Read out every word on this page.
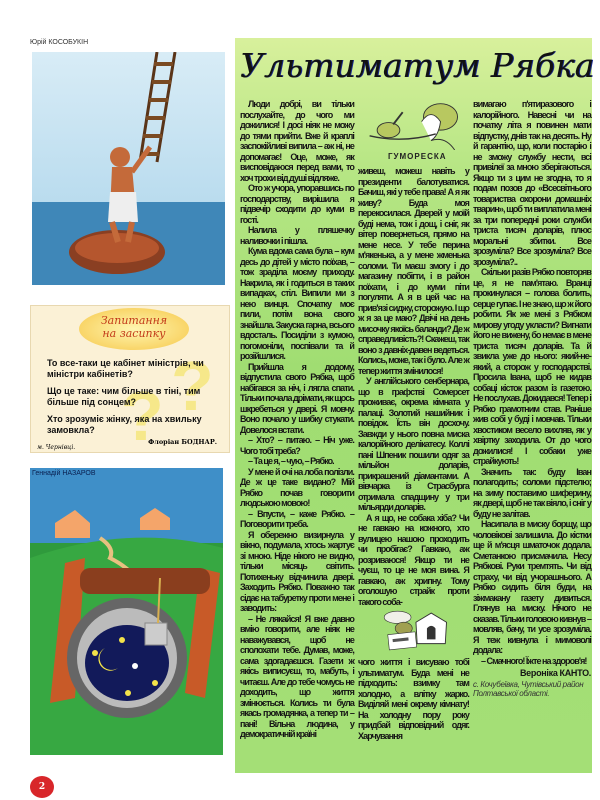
Юрій КОСОБУКІН
?
?
Запитання
на засипку
То все-таки це кабінет міністрів, чи міністри кабінетів?
Що це таке: чим більше в тіні, тим більше під сонцем?
Хто зрозуміє жінку, яка на хвильку замовкла?
Флоріан БОДНАР.
м. Чернівці.
Геннадій НАЗАРОВ
Ультиматум Рябка

Люди добрі, ви тільки послухайте, до чого ми дожилися! І досі ніяк не можу до тями прийти. Вже й краплі заспокійливі випила – аж ні, не допомагає! Оце, може, як висповідаюся перед вами, то хоч трохи від душі відляже.

Ото ж учора, упоравшись по господарству, вирішила я підвечір сходити до куми в гості.

Налила у пляшечку наливочки і пішла.

Кума вдома сама була – кум десь до дітей у місто поїхав, – тож зраділа моєму приходу. Накрила, як і годиться в таких випадках, стіл. Випили ми з нею винця. Спочатку моє пили, потім вона свого знайшла. Закуска гарна, всього вдосталь. Посиділи з кумою, погомоніли, поспівали та й розійшлися.

Прийшла я додому, відпустила свого Рябка, щоб набігався за ніч, і лягла спати. Тільки почала дрімати, як щось шкребеться у двері. Я мовчу. Воно почало у шибку стукати. Довелося встати.

– Хто? – питаю. – Ніч уже. Чого тобі треба?

– Та це я, – чую, – Рябко.

У мене й очі на лоба полізли. Де ж це таке видано? Мій Рябко почав говорити людською мовою!

– Впусти, – каже Рябко. – Поговорити треба.

Я обережно визирнула у вікно, подумала, хтось жартує зі мною. Ніде нікого не видно, тільки місяць світить. Потихеньку відчинила двері. Заходить Рябко. Поважно так сідає на табуретку проти мене і заводить:

– Не лякайся! Я вже давно вмію говорити, але ніяк не наважувався, щоб не сполохати тебе. Думав, може, сама здогадаєшся. Газети ж якісь виписуєш, то, мабуть, і читаєш. Але до тебе чомусь не доходить, що життя змінюється. Колись ти була якась громадянка, а тепер ти – пані! Вільна людина, у демократичній країні

ГУМОРЕСКА

живеш, можеш навіть у президенти балотуватися. Бачиш, які у тебе права! А я як живу? Буда моя перекосилася. Дверей у моїй буді нема, тож і дощ, і сніг, як вітер повернеться, прямо на мене несе. У тебе перина м'якенька, а у мене жменька соломи. Ти маєш змогу і до магазину побігти, і в район поїхати, і до куми піти погуляти. А я в цей час на прив'язі сиджу, сторожую. І що ж я за це маю? Двічі на день мисочку якоїсь баланди? Де ж справедливість?! Скажеш, так воно з давніх-давен ведеться. Колись, може, так і було. Але ж тепер життя змінилося!

У англійського сенбернара, що в графстві Сомерсет проживає, окрема кімната у палаці. Золотий нашийник і повідок. Їсть він досхочу. Завжди у нього повна миска калорійного делікатесу. Коллі пані Шпеник пошили одяг за мільйон доларів, прикрашений діамантами. А вівчарка із Страсбурга отримала спадщину у три мільярди доларів.

А я що, не собака хіба? Чи не гавкаю на кожного, хто вулицею нашою проходить чи пробігає? Гавкаю, аж розриваюся! Якщо ти не чуєш, то це не моя вина. Я гавкаю, аж хрипну. Тому оголошую страйк проти такого соба-

чого життя і висуваю тобі ультиматум. Буда мені не підходить: взимку там холодно, а влітку жарко. Виділяй мені окрему кімнату! На холодну пору року придбай відповідний одяг. Харчування

вимагаю п'ятиразового і калорійного. Навесні чи на початку літа я повинен мати відпустку, днів так на десять. Ну й гарантію, що, коли постарію і не зможу службу нести, всі привілеї за мною зберігаються. Якщо ти з цим не згодна, то я подам позов до «Всесвітнього товариства охорони домашніх тварин», щоб ти виплатила мені за три попередні роки служби триста тисяч доларів, плюс моральні збитки. Все зрозуміла? Все зрозуміла? Все зрозуміла?..

Скільки разів Рябко повторяв це, я не пам'ятаю. Вранці прокинулася – голова болить, серце гупає. І не знаю, що ж його робити. Як же мені з Рябком мирову угоду укласти? Вигнати його не вижену, бо немає в мене триста тисяч доларів. Та й звикла уже до нього: який-не-який, а сторож у господарстві. Просила Івана, щоб не кидав собаці кісток разом із газетою. Не послухав. Докидався! Тепер і Рябко грамотним став. Раніше жив собі у буді і мовчав. Тільки хвостиком весело вихляв, як у хвіртку заходила. От до чого дожилися! І собаки уже страйкують!

Значить так: буду Іван полагодить; соломи підстелю; на зиму поставимо шиферину, як двері, щоб не так віяло, і сніг у буду не залітав.

Насипала в миску борщу, що чоловікові залишила. До кістки ще й м'ясця шматочок додала. Сметанкою присмачила. Несу Рябкові. Руки тремтять. Чи від страху, чи від учорашнього. А Рябко сидить біля буди, на зіжмакану газету дивиться. Глянув на миску. Нічого не сказав. Тільки головою кивнув – мовляв, бачу, ти усе зрозуміла. Я теж кивнула і мимоволі додала:

– Смачного! Їжте на здоров'я!

Вероніка КАНТО.

с. Кочубеївка, Чутівський район Полтавської області.

2
